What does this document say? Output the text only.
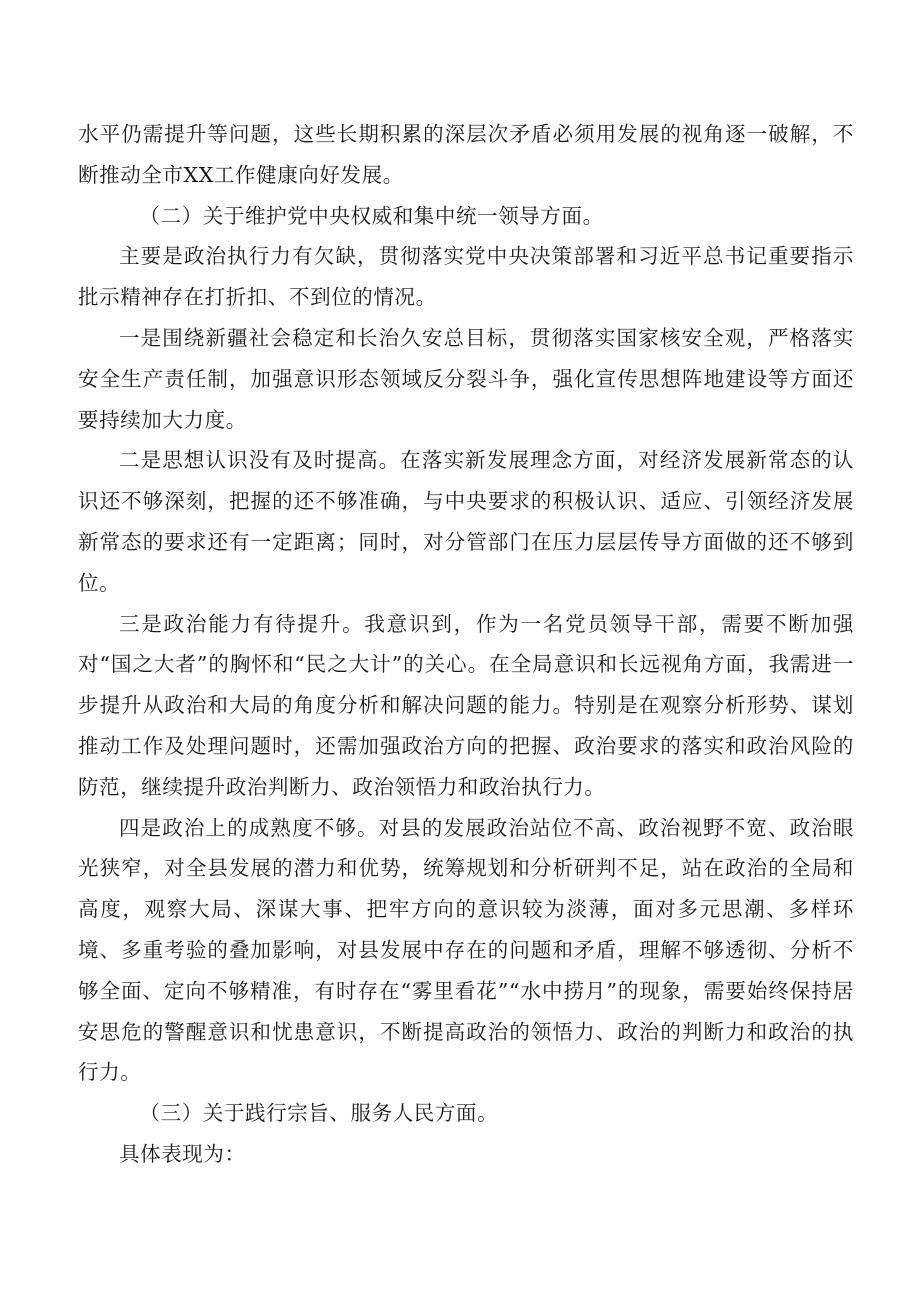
水平仍需提升等问题，这些长期积累的深层次矛盾必须用发展的视角逐一破解，不断推动全市XX工作健康向好发展。

（二）关于维护党中央权威和集中统一领导方面。

主要是政治执行力有欠缺，贯彻落实党中央决策部署和习近平总书记重要指示批示精神存在打折扣、不到位的情况。

一是围绕新疆社会稳定和长治久安总目标，贯彻落实国家核安全观，严格落实安全生产责任制，加强意识形态领域反分裂斗争，强化宣传思想阵地建设等方面还要持续加大力度。

二是思想认识没有及时提高。在落实新发展理念方面，对经济发展新常态的认识还不够深刻，把握的还不够准确，与中央要求的积极认识、适应、引领经济发展新常态的要求还有一定距离；同时，对分管部门在压力层层传导方面做的还不够到位。

三是政治能力有待提升。我意识到，作为一名党员领导干部，需要不断加强对“国之大者”的胸怀和“民之大计”的关心。在全局意识和长远视角方面，我需进一步提升从政治和大局的角度分析和解决问题的能力。特别是在观察分析形势、谋划推动工作及处理问题时，还需加强政治方向的把握、政治要求的落实和政治风险的防范，继续提升政治判断力、政治领悟力和政治执行力。

四是政治上的成熟度不够。对县的发展政治站位不高、政治视野不宽、政治眼光狭窄，对全县发展的潜力和优势，统筹规划和分析研判不足，站在政治的全局和高度，观察大局、深谋大事、把牢方向的意识较为淡薄，面对多元思潮、多样环境、多重考验的叠加影响，对县发展中存在的问题和矛盾，理解不够透彻、分析不够全面、定向不够精准，有时存在“雾里看花”“水中捞月”的现象，需要始终保持居安思危的警醒意识和忧患意识，不断提高政治的领悟力、政治的判断力和政治的执行力。

（三）关于践行宗旨、服务人民方面。

具体表现为：
